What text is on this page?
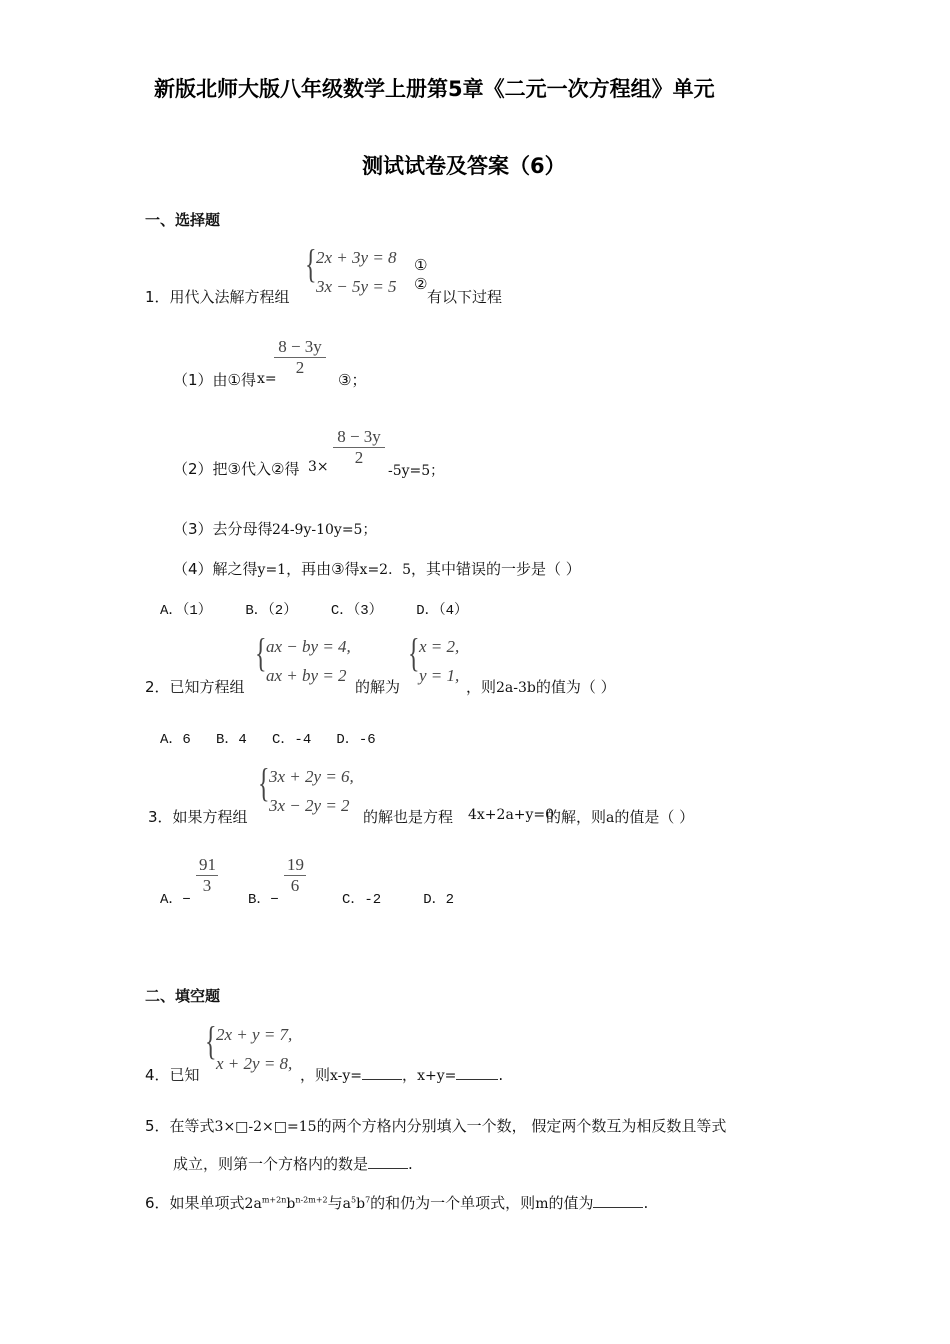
新版北师大版八年级数学上册第5章《二元一次方程组》单元
测试试卷及答案（6）
一、选择题
1．用代入法解方程组
{ 2x + 3y = 8
3x − 5y = 5
①
②
有以下过程
（1）由①得 x=
$\frac{8 - 3y}{2}$
③；
（2）把③代入②得 $3\times \frac{8 - 3y}{2}$
-5y=5；
（3）去分母得 24-9y-10y=5；
（4）解之得y=1，再由③得x=2．5，其中错误的一步是（ ）
A．（1）    B．（2）    C．（3）    D．（4）
2．已知方程组
{ ax − by = 4,
ax + by = 2
的解为
{ x = 2,
y = 1,
，则2a-3b的值为（ ）
A．6   B．4   C．-4   D．-6
3．如果方程组
{ 3x + 2y = 6,
3x − 2y = 2
的解也是方程 4x+2a+y=0
的解，则a的值是（ ）
A．−
$\frac{91}{3}$
B．−
$\frac{19}{6}$
C．-2     D．2
二、填空题
4．已知
{ 2x + y = 7,
x + 2y = 8,
，则x-y=	，x+y=	.
5．在等式3×□-2×□=15的两个方格内分别填入一个数， 假定两个数互为相反数且等式
成立，则第一个方格内的数是	.
6．如果单项式$2a^{m+2n}b^{n-2m+2}$与$a^5b^7$的和仍为一个单项式，则m的值为	.
